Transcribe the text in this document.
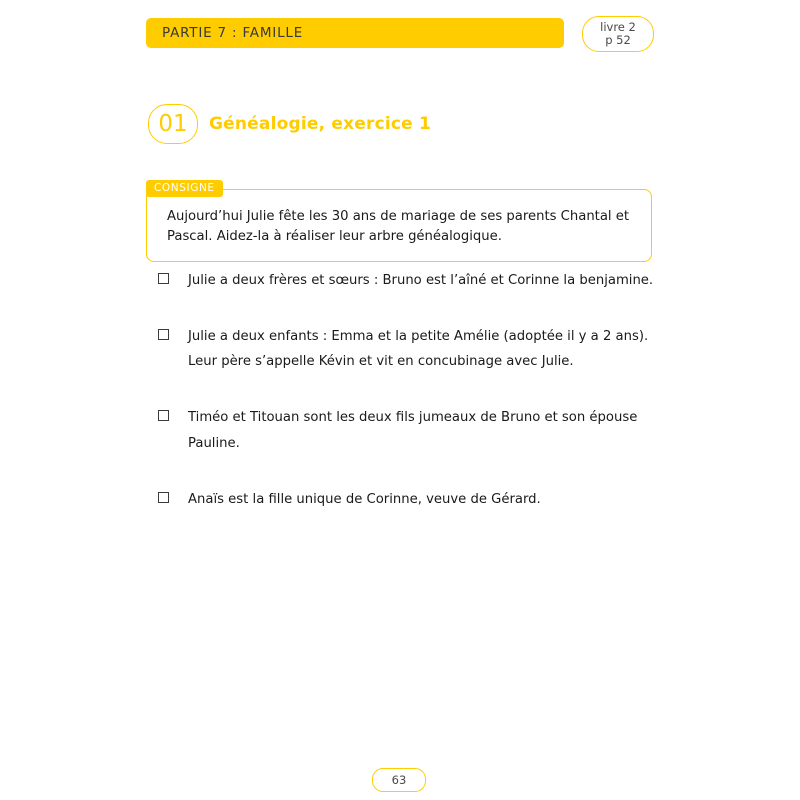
PARTIE 7 : FAMILLE	livre 2
p 52
01	Généalogie, exercice 1
CONSIGNE
Aujourd’hui Julie fête les 30 ans de mariage de ses parents Chantal et Pascal. Aidez-la à réaliser leur arbre généalogique.
Julie a deux frères et sœurs : Bruno est l’aîné et Corinne la benjamine.
Julie a deux enfants : Emma et la petite Amélie (adoptée il y a 2 ans). Leur père s’appelle Kévin et vit en concubinage avec Julie.
Timéo et Titouan sont les deux fils jumeaux de Bruno et son épouse Pauline.
Anaïs est la fille unique de Corinne, veuve de Gérard.
63
